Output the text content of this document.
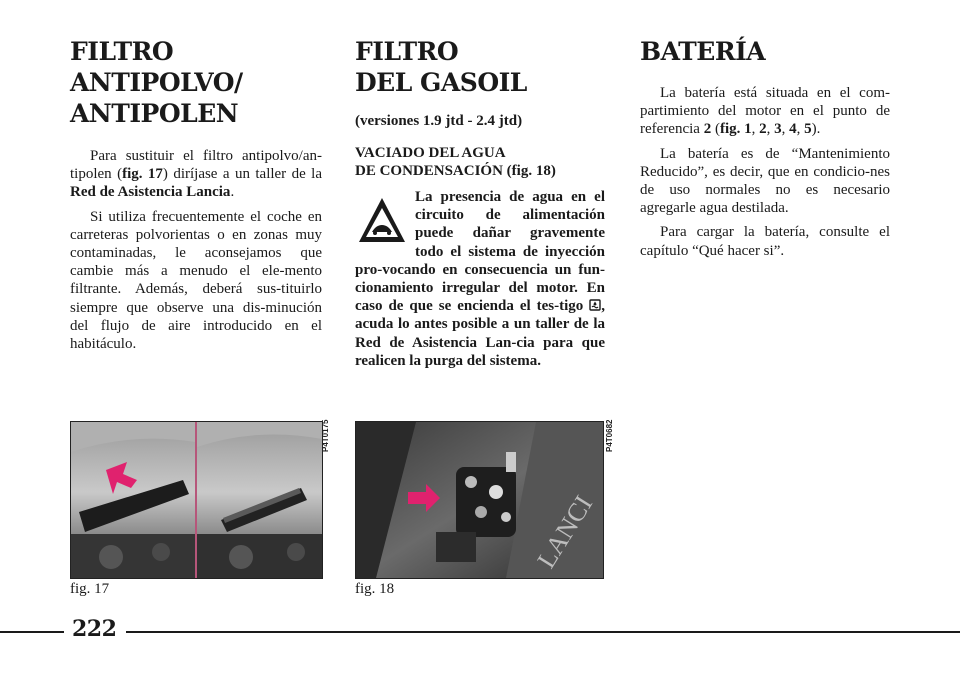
FILTRO ANTIPOLVO/
ANTIPOLEN

Para sustituir el filtro antipolvo/an-tipolen (fig. 17) diríjase a un taller de la Red de Asistencia Lancia.

Si utiliza frecuentemente el coche en carreteras polvorientas o en zonas muy contaminadas, le aconsejamos que cambie más a menudo el ele-mento filtrante. Además, deberá sus-tituirlo siempre que observe una dis-minución del flujo de aire introducido en el habitáculo.

FILTRO
DEL GASOIL
(versiones 1.9 jtd - 2.4 jtd)
VACIADO DEL AGUA
DE CONDENSACIÓN (fig. 18)
La presencia de agua en el circuito de alimentación puede dañar gravemente todo el sistema de inyección pro-vocando en consecuencia un fun-cionamiento irregular del motor. En caso de que se encienda el tes-tigo , acuda lo antes posible a un taller de la Red de Asistencia Lan-cia para que realicen la purga del sistema.
BATERÍA

La batería está situada en el com-partimiento del motor en el punto de referencia 2 (fig. 1, 2, 3, 4, 5).

La batería es de “Mantenimiento Reducido”, es decir, que en condicio-nes de uso normales no es necesario agregarle agua destilada.

Para cargar la batería, consulte el capítulo “Qué hacer si”.

P4T0175
LANCI
P4T0682
fig. 17	fig. 18
222
